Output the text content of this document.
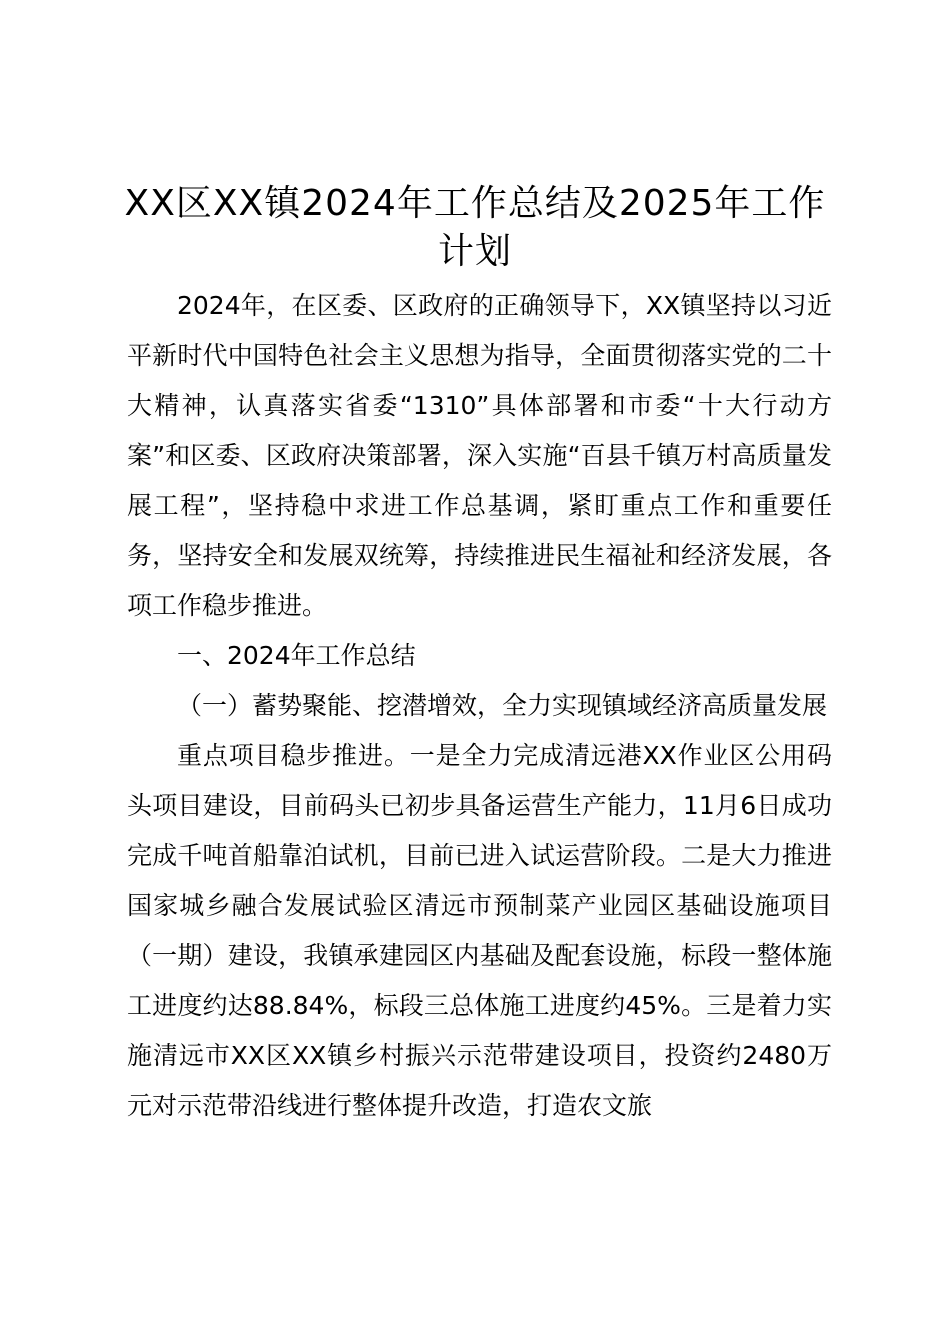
XX区XX镇2024年工作总结及2025年工作计划

2024年，在区委、区政府的正确领导下，XX镇坚持以习近平新时代中国特色社会主义思想为指导，全面贯彻落实党的二十大精神，认真落实省委“1310”具体部署和市委“十大行动方案”和区委、区政府决策部署，深入实施“百县千镇万村高质量发展工程”，坚持稳中求进工作总基调，紧盯重点工作和重要任务，坚持安全和发展双统筹，持续推进民生福祉和经济发展，各项工作稳步推进。

一、2024年工作总结

（一）蓄势聚能、挖潜增效，全力实现镇域经济高质量发展

重点项目稳步推进。一是全力完成清远港XX作业区公用码头项目建设，目前码头已初步具备运营生产能力，11月6日成功完成千吨首船靠泊试机，目前已进入试运营阶段。二是大力推进国家城乡融合发展试验区清远市预制菜产业园区基础设施项目（一期）建设，我镇承建园区内基础及配套设施，标段一整体施工进度约达88.84%，标段三总体施工进度约45%。三是着力实施清远市XX区XX镇乡村振兴示范带建设项目，投资约2480万元对示范带沿线进行整体提升改造，打造农文旅
